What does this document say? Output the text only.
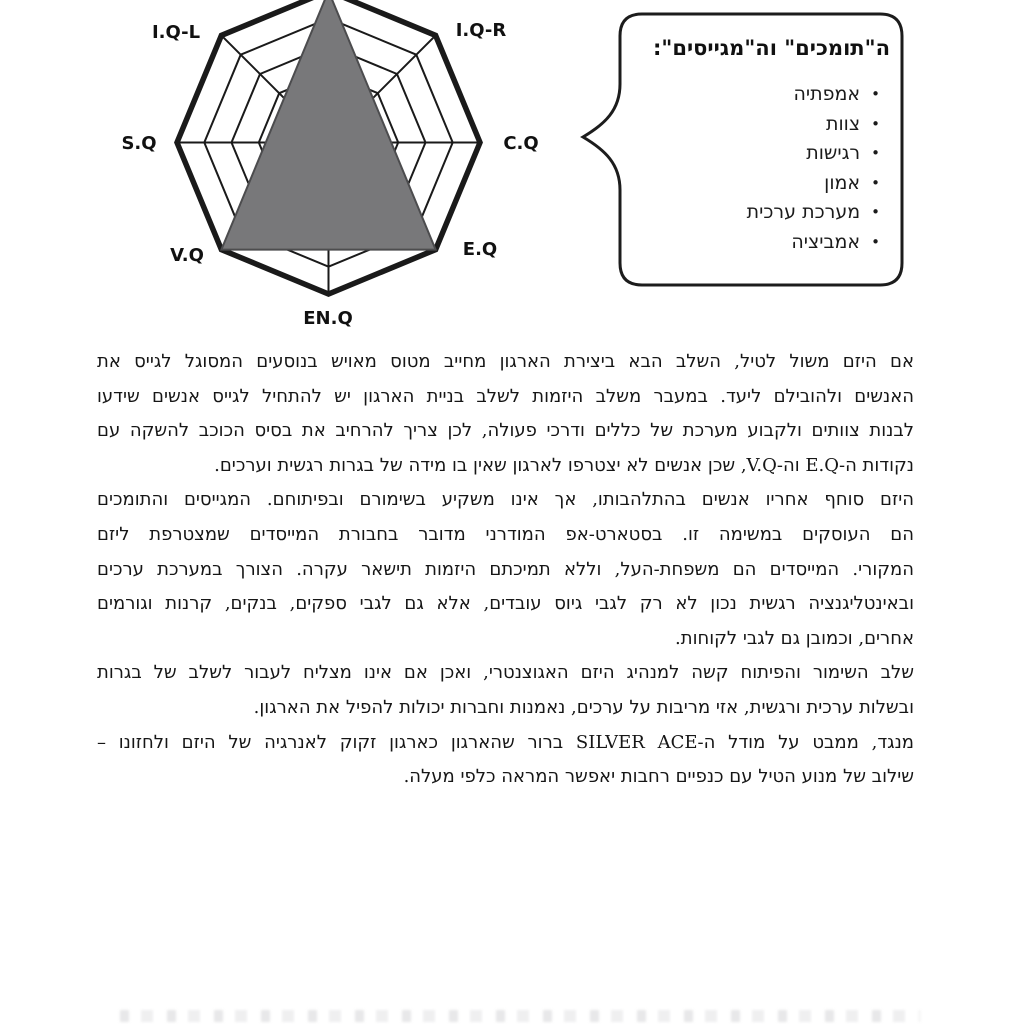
I.Q-L	I.Q-R
S.Q	C.Q
V.Q	E.Q
EN.Q
ה"תומכים" וה"מגייסים":
•אמפתיה
•צוות
•רגישות
•אמון
•מערכת ערכית
•אמביציה
אם היזם משול לטיל, השלב הבא ביצירת הארגון מחייב מטוס מאויש בנוסעים המסוגל לגייס את
האנשים ולהובילם ליעד. במעבר משלב היזמות לשלב בניית הארגון יש להתחיל לגייס אנשים שידעו
לבנות צוותים ולקבוע מערכת של כללים ודרכי פעולה, לכן צריך להרחיב את בסיס הכוכב להשקה עם
נקודות ה-E.Q וה-V.Q, שכן אנשים לא יצטרפו לארגון שאין בו מידה של בגרות רגשית וערכים.
היזם סוחף אחריו אנשים בהתלהבותו, אך אינו משקיע בשימורם ובפיתוחם. המגייסים והתומכים
הם העוסקים במשימה זו. בסטארט-אפ המודרני מדובר בחבורת המייסדים שמצטרפת ליזם
המקורי. המייסדים הם משפחת-העל, וללא תמיכתם היזמות תישאר עקרה. הצורך במערכת ערכים
ובאינטליגנציה רגשית נכון לא רק לגבי גיוס עובדים, אלא גם לגבי ספקים, בנקים, קרנות וגורמים
אחרים, וכמובן גם לגבי לקוחות.
שלב השימור והפיתוח קשה למנהיג היזם האגוצנטרי, ואכן אם אינו מצליח לעבור לשלב של בגרות
ובשלות ערכית ורגשית, אזי מריבות על ערכים, נאמנות וחברות יכולות להפיל את הארגון.
מנגד, ממבט על מודל ה-SILVER ACE ברור שהארגון כארגון זקוק לאנרגיה של היזם ולחזונו –
שילוב של מנוע הטיל עם כנפיים רחבות יאפשר המראה כלפי מעלה.
